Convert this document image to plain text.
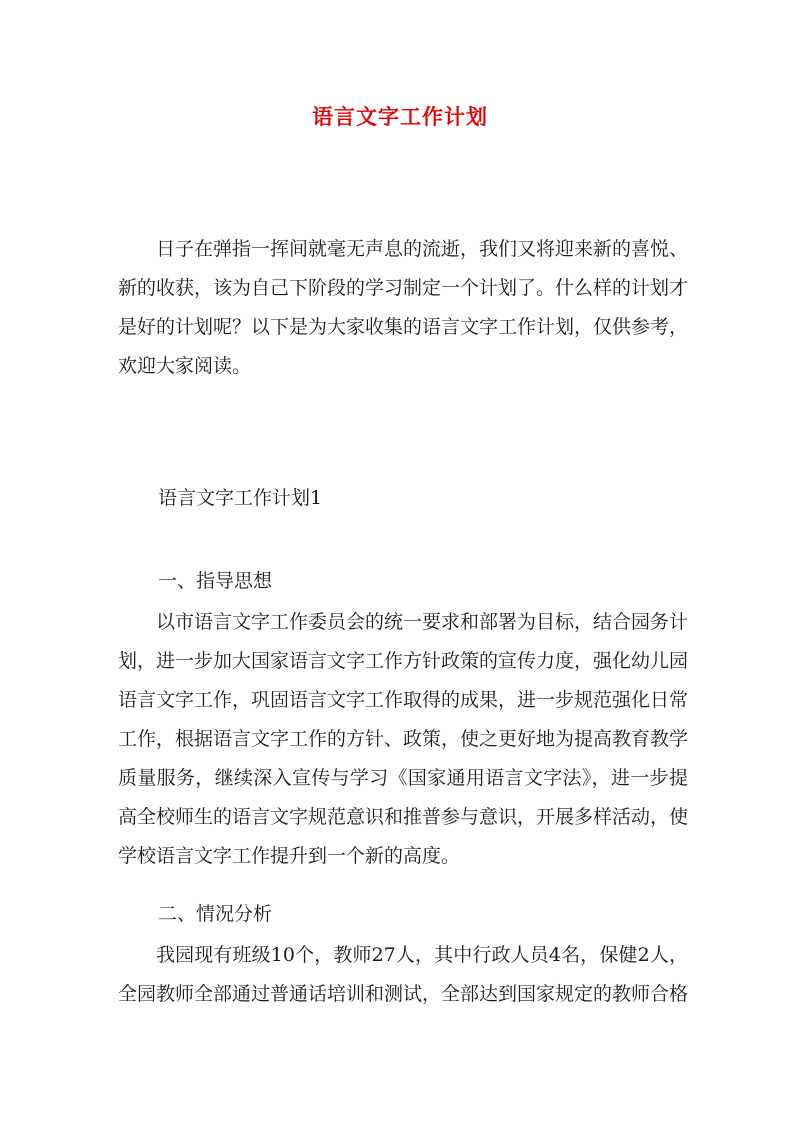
语言文字工作计划

日子在弹指一挥间就毫无声息的流逝，我们又将迎来新的喜悦、新的收获，该为自己下阶段的学习制定一个计划了。什么样的计划才是好的计划呢？以下是为大家收集的语言文字工作计划，仅供参考，欢迎大家阅读。

语言文字工作计划1
一、指导思想

以市语言文字工作委员会的统一要求和部署为目标，结合园务计划，进一步加大国家语言文字工作方针政策的宣传力度，强化幼儿园语言文字工作，巩固语言文字工作取得的成果，进一步规范强化日常工作，根据语言文字工作的方针、政策，使之更好地为提高教育教学质量服务，继续深入宣传与学习《国家通用语言文字法》，进一步提高全校师生的语言文字规范意识和推普参与意识，开展多样活动，使学校语言文字工作提升到一个新的高度。

二、情况分析

我园现有班级10个，教师27人，其中行政人员4名，保健2人，全园教师全部通过普通话培训和测试，全部达到国家规定的教师合格
